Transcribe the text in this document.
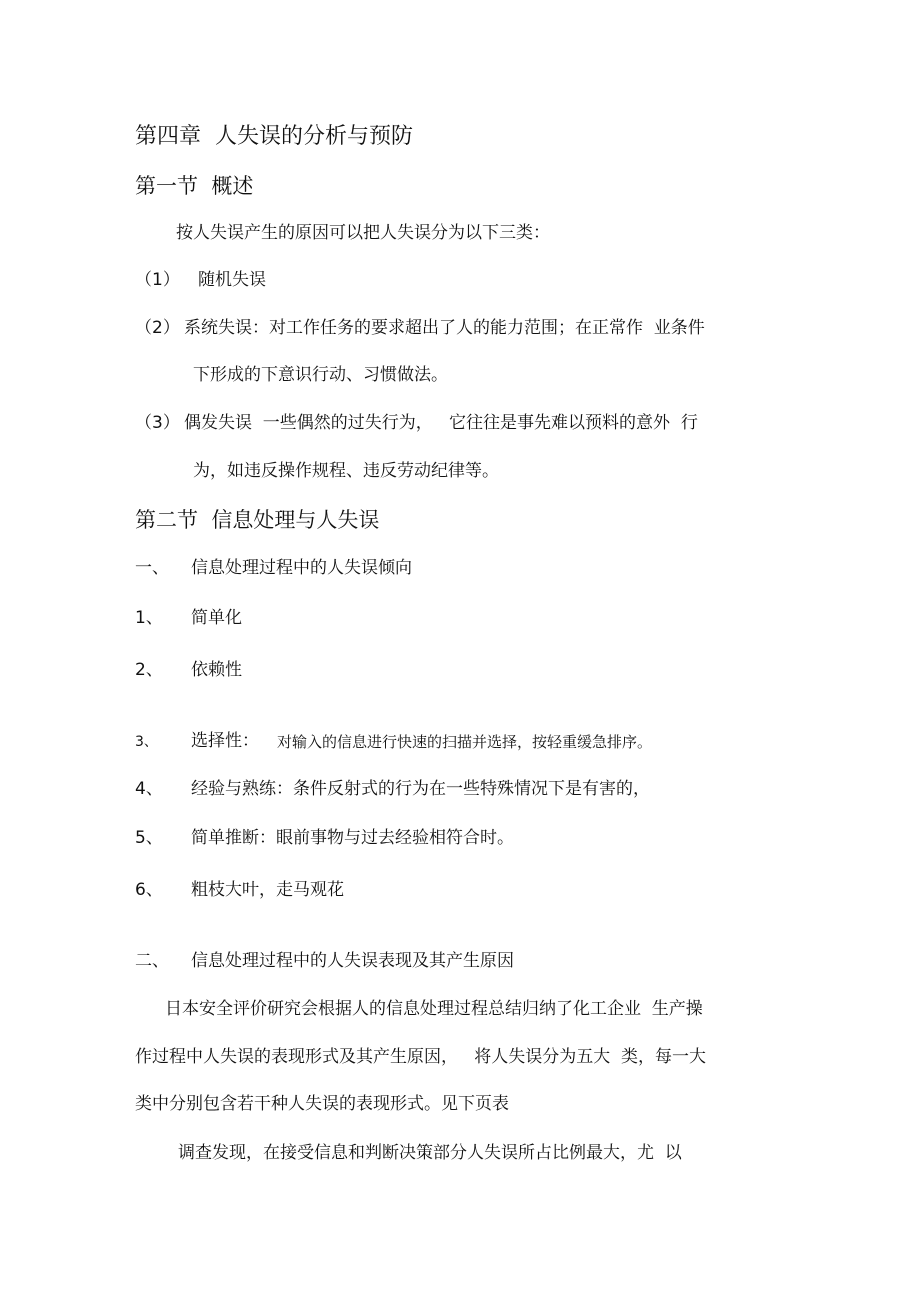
第四章  人失误的分析与预防
第一节  概述
按人失误产生的原因可以把人失误分为以下三类：
（1） 随机失误
（2） 系统失误：对工作任务的要求超出了人的能力范围；在正常作  业条件
下形成的下意识行动、习惯做法。
（3） 偶发失误  一些偶然的过失行为，   它往往是事先难以预料的意外  行
为，如违反操作规程、违反劳动纪律等。
第二节  信息处理与人失误
一、 信息处理过程中的人失误倾向
1、 简单化
2、 依赖性
3、 选择性： 对输入的信息进行快速的扫描并选择，按轻重缓急排序。
4、 经验与熟练：条件反射式的行为在一些特殊情况下是有害的，
5、 简单推断：眼前事物与过去经验相符合时。
6、 粗枝大叶，走马观花
二、 信息处理过程中的人失误表现及其产生原因
日本安全评价研究会根据人的信息处理过程总结归纳了化工企业  生产操
作过程中人失误的表现形式及其产生原因，   将人失误分为五大  类，每一大
类中分别包含若干种人失误的表现形式。见下页表
调查发现，在接受信息和判断决策部分人失误所占比例最大，尤  以
